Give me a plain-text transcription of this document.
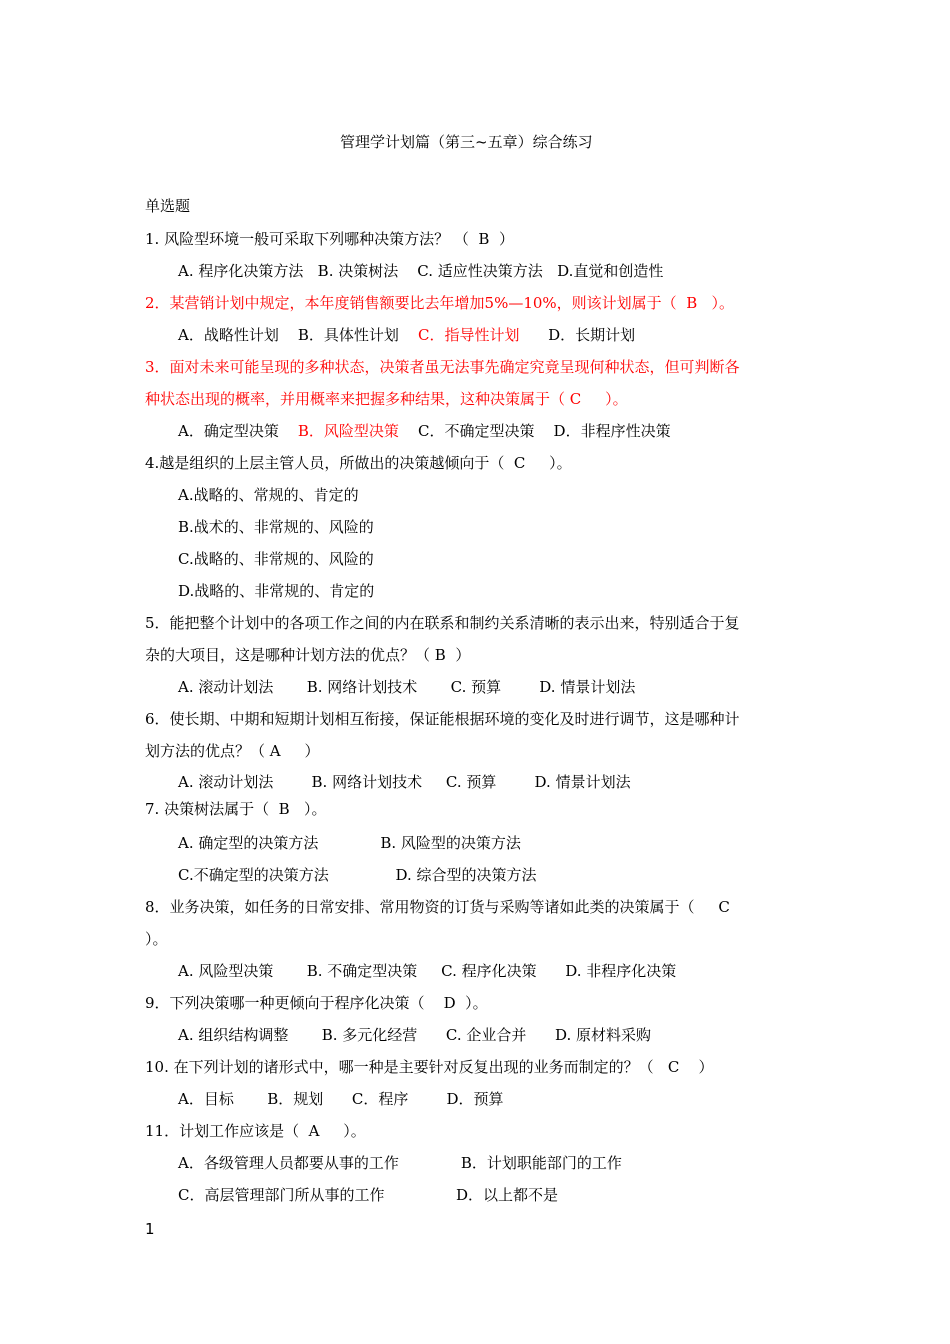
管理学计划篇（第三~五章）综合练习
单选题
1. 风险型环境一般可采取下列哪种决策方法？ （  B  ）
A. 程序化决策方法   B. 决策树法    C. 适应性决策方法   D.直觉和创造性
2．某营销计划中规定，本年度销售额要比去年增加5%—10%，则该计划属于（  B   ）。
A．战略性计划    B．具体性计划    C．指导性计划      D．长期计划
3．面对未来可能呈现的多种状态，决策者虽无法事先确定究竟呈现何种状态，但可判断各
种状态出现的概率，并用概率来把握多种结果，这种决策属于（ C     ）。
A．确定型决策    B．风险型决策    C．不确定型决策    D．非程序性决策
4.越是组织的上层主管人员，所做出的决策越倾向于（  C     ）。
A.战略的、常规的、肯定的
B.战术的、非常规的、风险的
C.战略的、非常规的、风险的
D.战略的、非常规的、肯定的
5．能把整个计划中的各项工作之间的内在联系和制约关系清晰的表示出来，特别适合于复
杂的大项目，这是哪种计划方法的优点？（ B  ）
A. 滚动计划法       B. 网络计划技术       C. 预算        D. 情景计划法
6．使长期、中期和短期计划相互衔接，保证能根据环境的变化及时进行调节，这是哪种计
划方法的优点？（ A     ）
A. 滚动计划法        B. 网络计划技术     C. 预算        D. 情景计划法
7. 决策树法属于（  B   ）。
A. 确定型的决策方法             B. 风险型的决策方法
C.不确定型的决策方法              D. 综合型的决策方法
8．业务决策，如任务的日常安排、常用物资的订货与采购等诸如此类的决策属于（     C
）。
A. 风险型决策       B. 不确定型决策     C. 程序化决策      D. 非程序化决策
9．下列决策哪一种更倾向于程序化决策（    D  ）。
A. 组织结构调整       B. 多元化经营      C. 企业合并      D. 原材料采购
10. 在下列计划的诸形式中，哪一种是主要针对反复出现的业务而制定的？（   C    ）
A．目标       B．规划      C．程序        D．预算
11．计划工作应该是（  A     ）。
A．各级管理人员都要从事的工作             B．计划职能部门的工作
C．高层管理部门所从事的工作               D．以上都不是
1
